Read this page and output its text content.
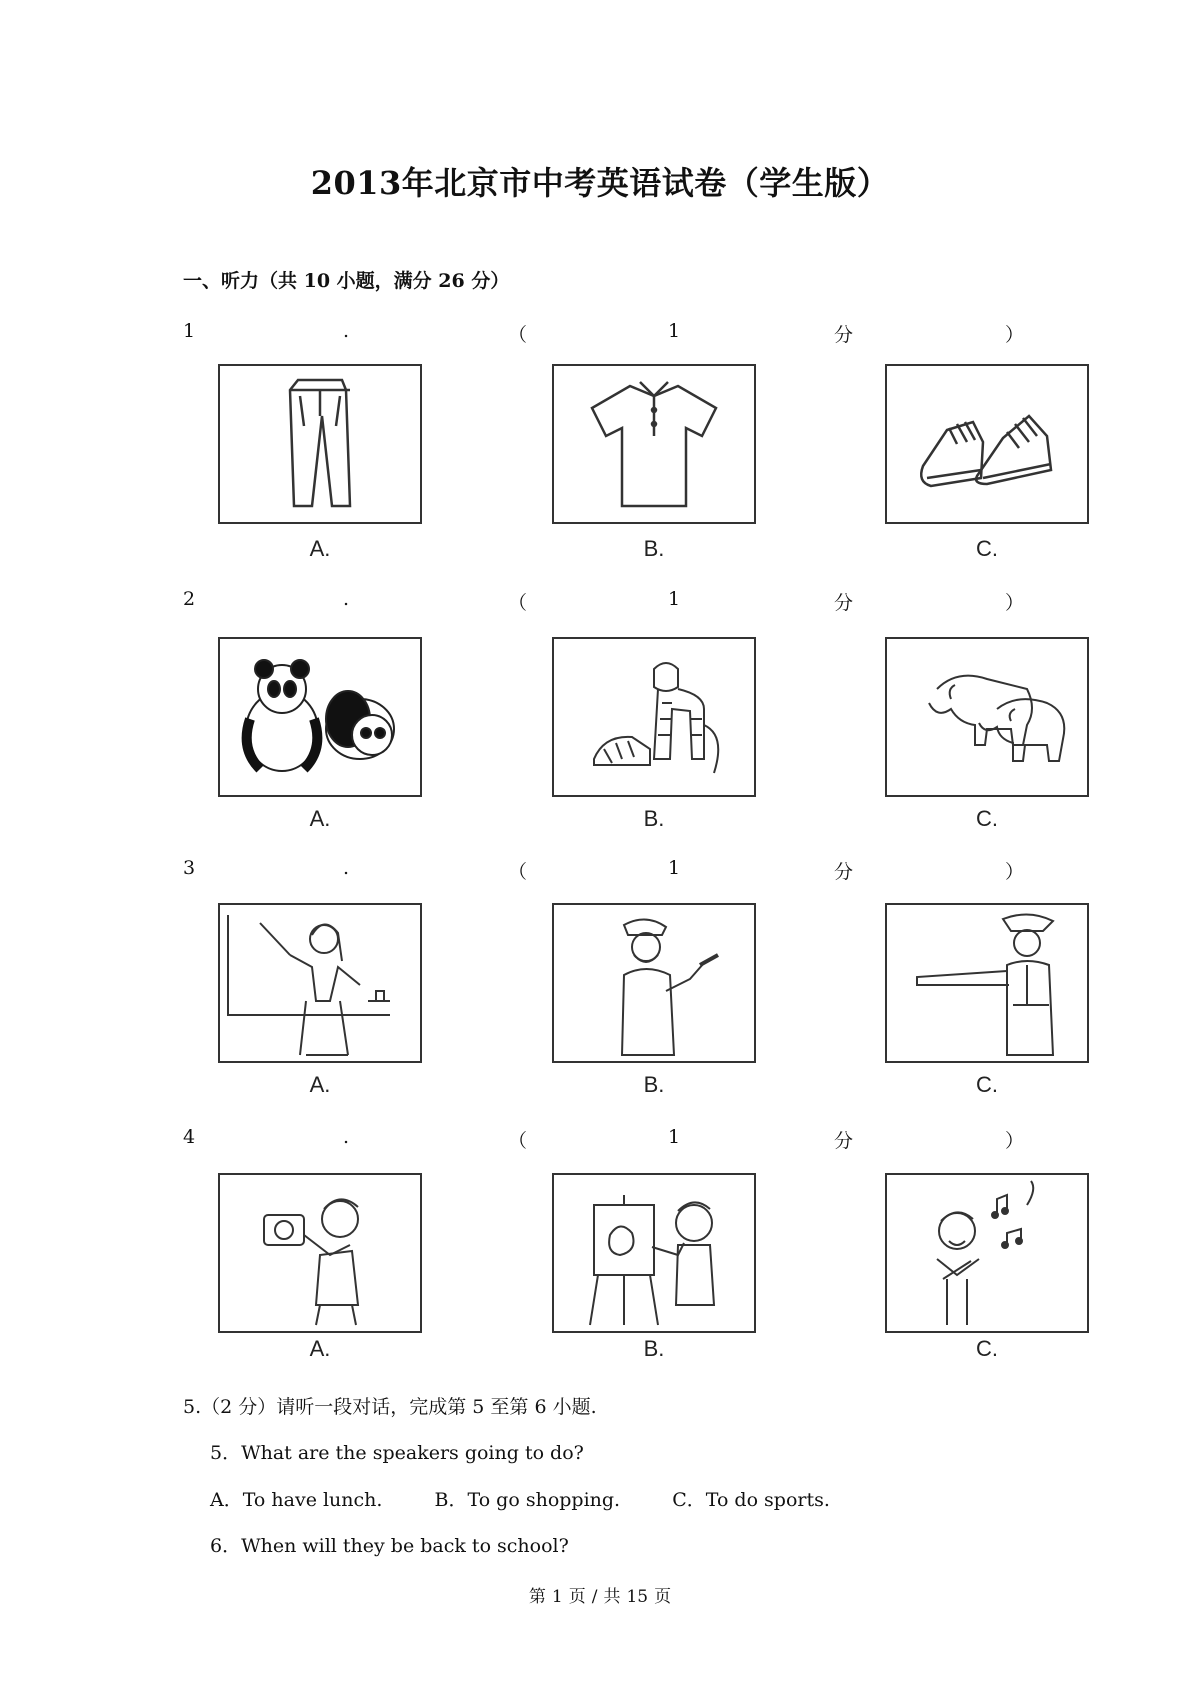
2013年北京市中考英语试卷（学生版）
一、听力（共 10 小题，满分 26 分）
1	.	（	1	分	）
A.	B.	C.
2	.	（	1	分	）
A.	B.	C.
3	.	（	1	分	）
A.	B.	C.
4	.	（	1	分	）
A.	B.	C.
5.（2 分）请听一段对话，完成第 5 至第 6 小题.
5．What are the speakers going to do?
A．To have lunch.	B．To go shopping.	C．To do sports.
6．When will they be back to school?
第 1 页 / 共 15 页
